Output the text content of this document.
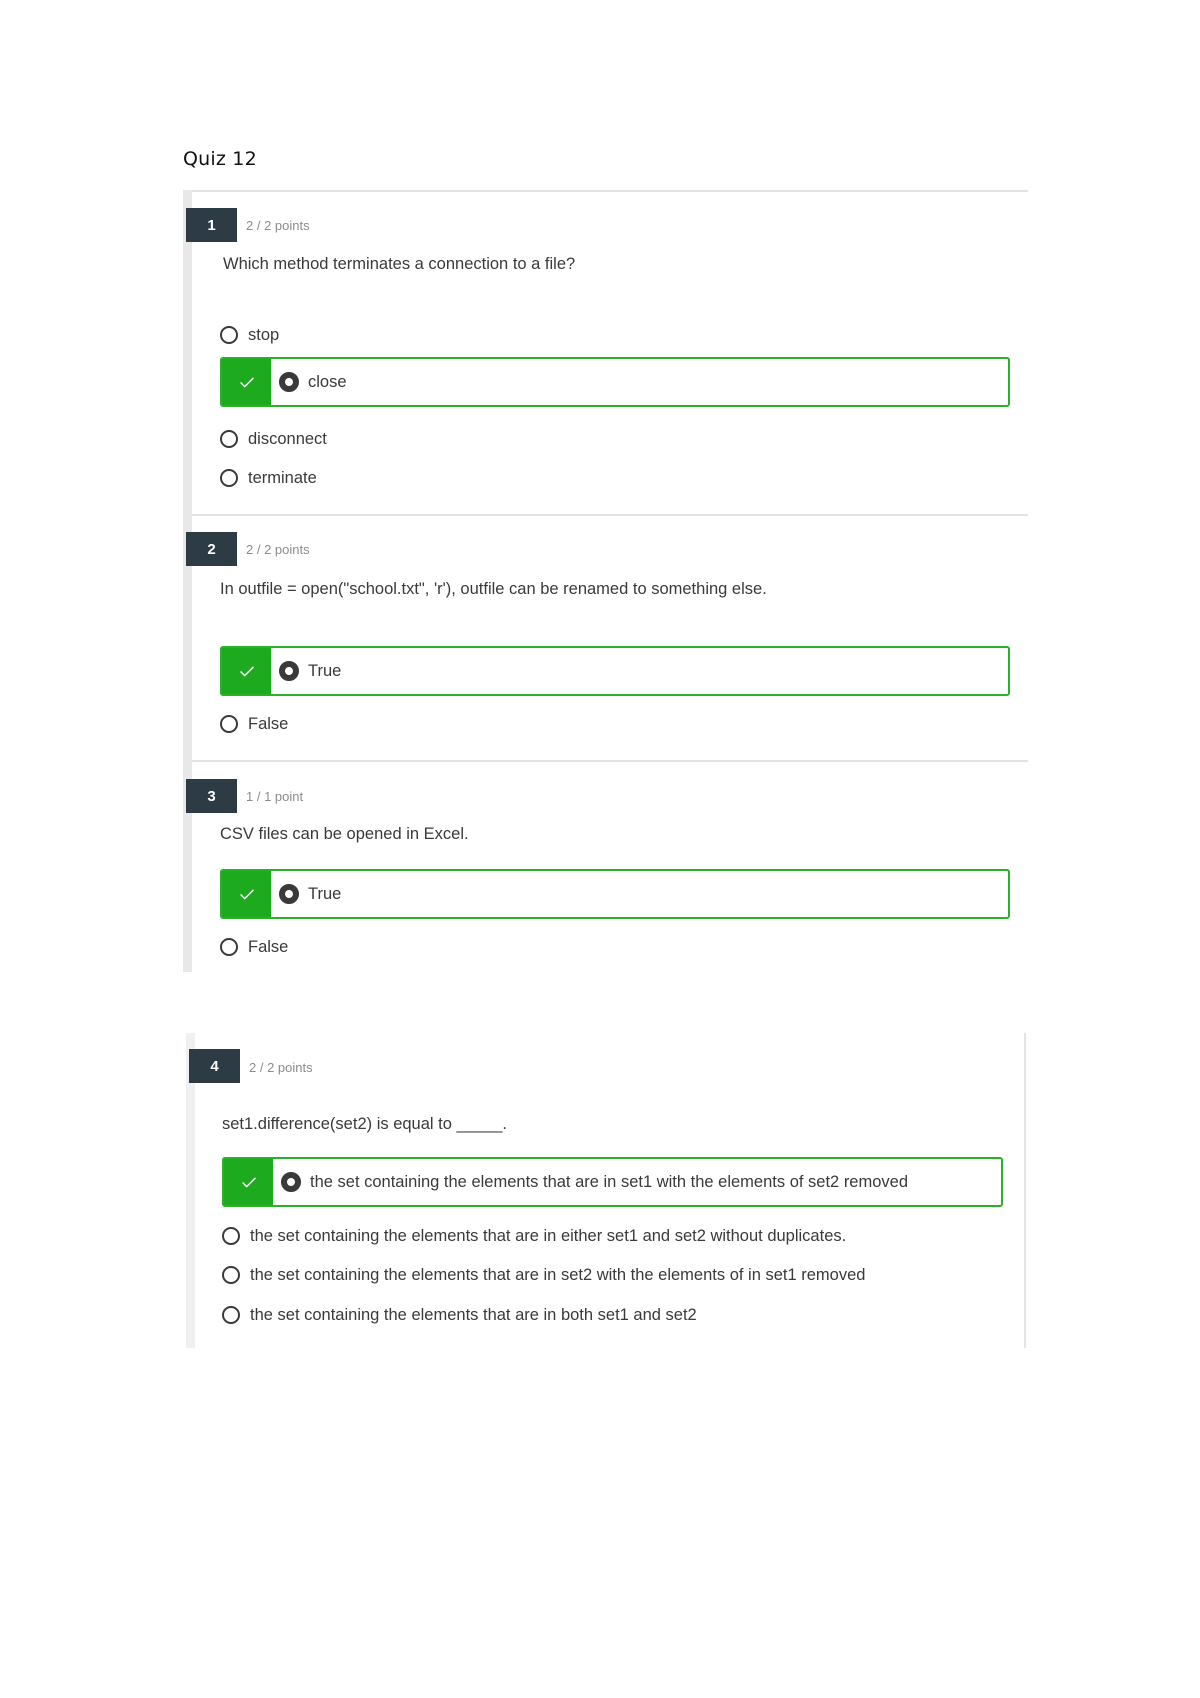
Quiz 12
1	2 / 2 points
Which method terminates a connection to a file?
stop
close
disconnect
terminate
2	2 / 2 points
In outfile = open("school.txt", 'r'), outfile can be renamed to something else.
True
False
3	1 / 1 point
CSV files can be opened in Excel.
True
False
4	2 / 2 points
set1.difference(set2) is equal to _____.
the set containing the elements that are in set1 with the elements of set2 removed
the set containing the elements that are in either set1 and set2 without duplicates.
the set containing the elements that are in set2 with the elements of in set1 removed
the set containing the elements that are in both set1 and set2
